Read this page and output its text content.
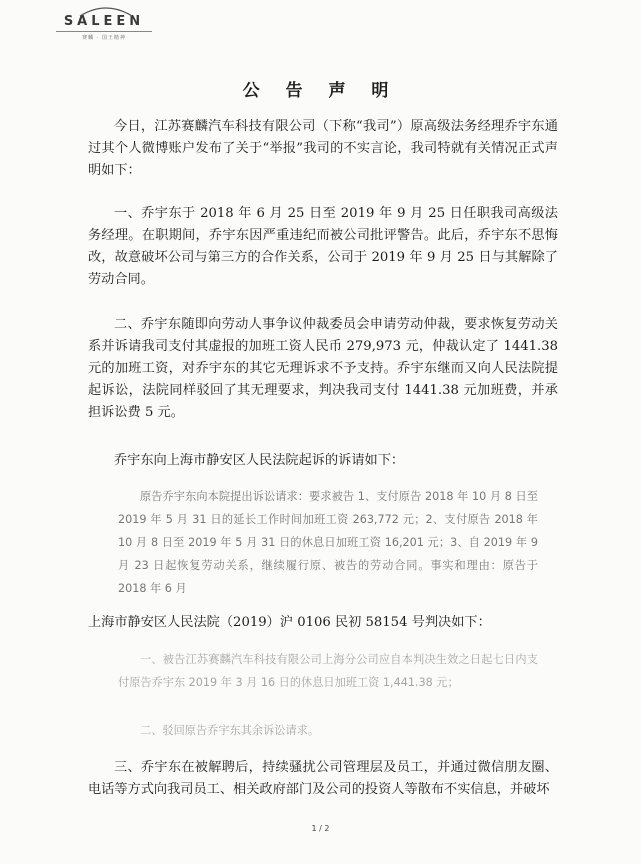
SALEEN
赛麟 · 国王精神
公 告 声 明

今日，江苏赛麟汽车科技有限公司（下称“我司”）原高级法务经理乔宇东通过其个人微博账户发布了关于“举报”我司的不实言论，我司特就有关情况正式声明如下：

一、乔宇东于 2018 年 6 月 25 日至 2019 年 9 月 25 日任职我司高级法务经理。在职期间，乔宇东因严重违纪而被公司批评警告。此后，乔宇东不思悔改，故意破坏公司与第三方的合作关系，公司于 2019 年 9 月 25 日与其解除了劳动合同。

二、乔宇东随即向劳动人事争议仲裁委员会申请劳动仲裁，要求恢复劳动关系并诉请我司支付其虚报的加班工资人民币 279,973 元，仲裁认定了 1441.38 元的加班工资，对乔宇东的其它无理诉求不予支持。乔宇东继而又向人民法院提起诉讼，法院同样驳回了其无理要求，判决我司支付 1441.38 元加班费，并承担诉讼费 5 元。

乔宇东向上海市静安区人民法院起诉的诉请如下：

原告乔宇东向本院提出诉讼请求：要求被告 1、支付原告 2018 年 10 月 8 日至 2019 年 5 月 31 日的延长工作时间加班工资 263,772 元；2、支付原告 2018 年 10 月 8 日至 2019 年 5 月 31 日的休息日加班工资 16,201 元；3、自 2019 年 9 月 23 日起恢复劳动关系，继续履行原、被告的劳动合同。事实和理由：原告于 2018 年 6 月

上海市静安区人民法院（2019）沪 0106 民初 58154 号判决如下：

一、被告江苏赛麟汽车科技有限公司上海分公司应自本判决生效之日起七日内支付原告乔宇东 2019 年 3 月 16 日的休息日加班工资 1,441.38 元；

二、驳回原告乔宇东其余诉讼请求。

三、乔宇东在被解聘后，持续骚扰公司管理层及员工，并通过微信朋友圈、电话等方式向我司员工、相关政府部门及公司的投资人等散布不实信息，并破坏

1 / 2
